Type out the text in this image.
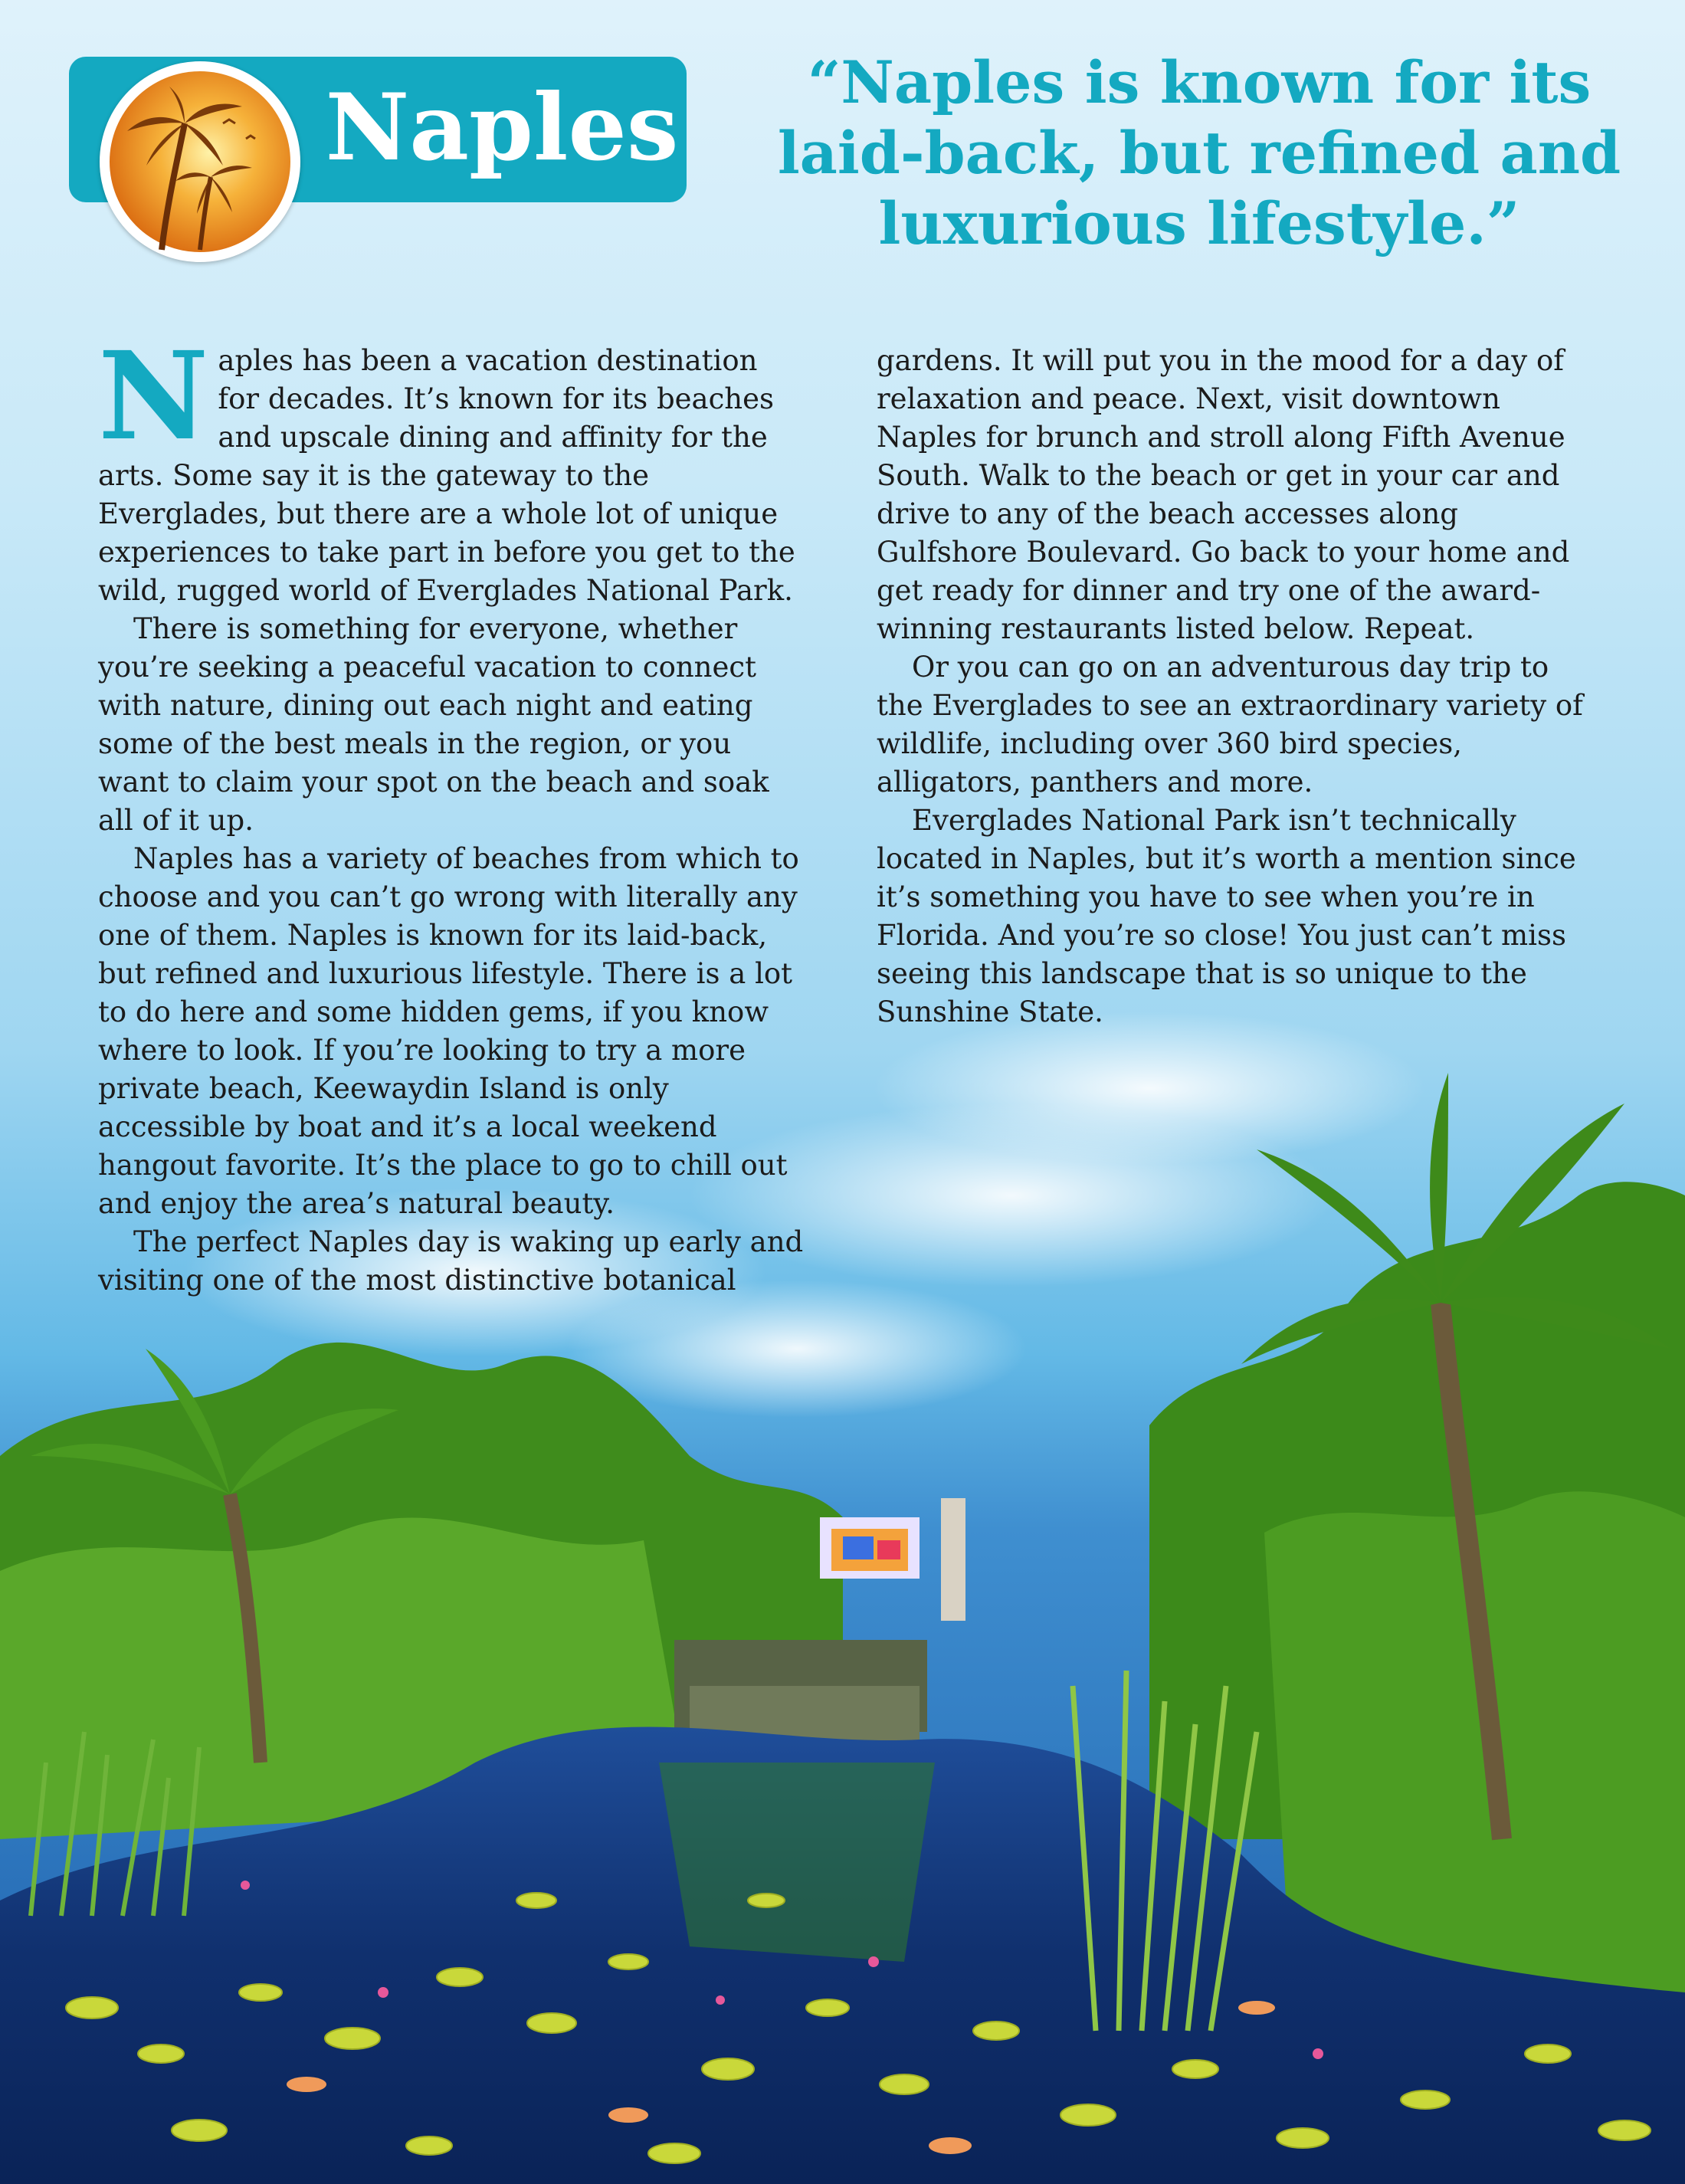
Naples	“Naples is known for its laid-back, but refined and luxurious lifestyle.”

Naples has been a vacation destination for decades. It’s known for its beaches and upscale dining and affinity for the arts. Some say it is the gateway to the Everglades, but there are a whole lot of unique experiences to take part in before you get to the wild, rugged world of Everglades National Park.

There is something for everyone, whether you’re seeking a peaceful vacation to connect with nature, dining out each night and eating some of the best meals in the region, or you want to claim your spot on the beach and soak all of it up.

Naples has a variety of beaches from which to choose and you can’t go wrong with literally any one of them. Naples is known for its laid-back, but refined and luxurious lifestyle. There is a lot to do here and some hidden gems, if you know where to look. If you’re looking to try a more private beach, Keewaydin Island is only accessible by boat and it’s a local weekend hangout favorite. It’s the place to go to chill out and enjoy the area’s natural beauty.

The perfect Naples day is waking up early and visiting one of the most distinctive botanical

gardens. It will put you in the mood for a day of relaxation and peace. Next, visit downtown Naples for brunch and stroll along Fifth Avenue South. Walk to the beach or get in your car and drive to any of the beach accesses along Gulfshore Boulevard. Go back to your home and get ready for dinner and try one of the award-winning restaurants listed below. Repeat.

Or you can go on an adventurous day trip to the Everglades to see an extraordinary variety of wildlife, including over 360 bird species, alligators, panthers and more.

Everglades National Park isn’t technically located in Naples, but it’s worth a mention since it’s something you have to see when you’re in Florida. And you’re so close! You just can’t miss seeing this landscape that is so unique to the Sunshine State.
